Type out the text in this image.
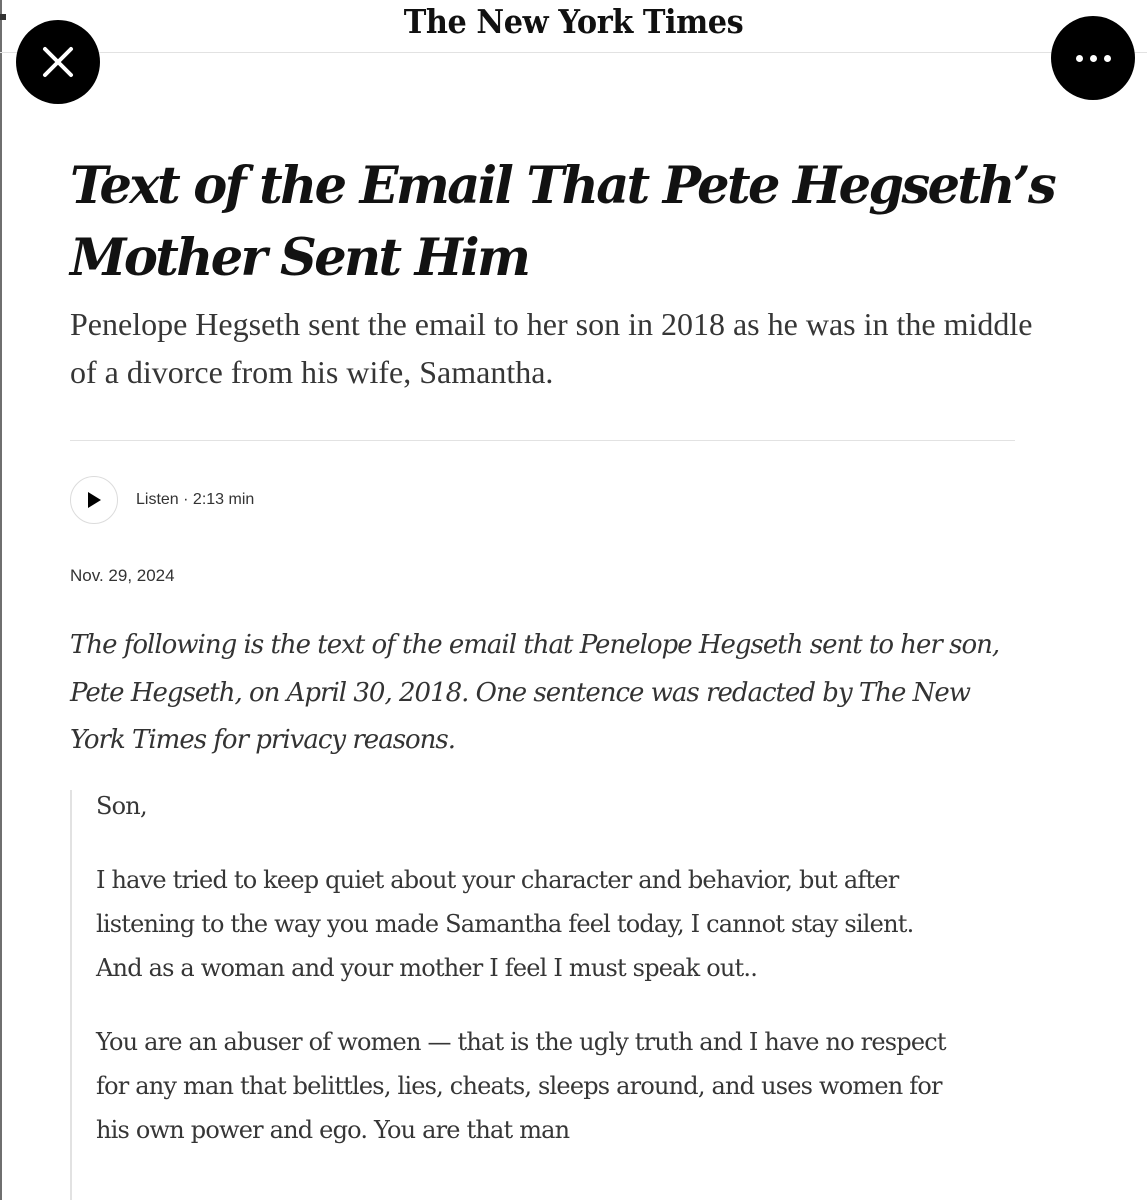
The New York Times
Text of the Email That Pete Hegseth’s Mother Sent Him

Penelope Hegseth sent the email to her son in 2018 as he was in the middle of a divorce from his wife, Samantha.

Listen · 2:13 min
Nov. 29, 2024

The following is the text of the email that Penelope Hegseth sent to her son, Pete Hegseth, on April 30, 2018. One sentence was redacted by The New York Times for privacy reasons.

Son,

I have tried to keep quiet about your character and behavior, but after listening to the way you made Samantha feel today, I cannot stay silent. And as a woman and your mother I feel I must speak out..

You are an abuser of women — that is the ugly truth and I have no respect for any man that belittles, lies, cheats, sleeps around, and uses women for his own power and ego. You are that man
